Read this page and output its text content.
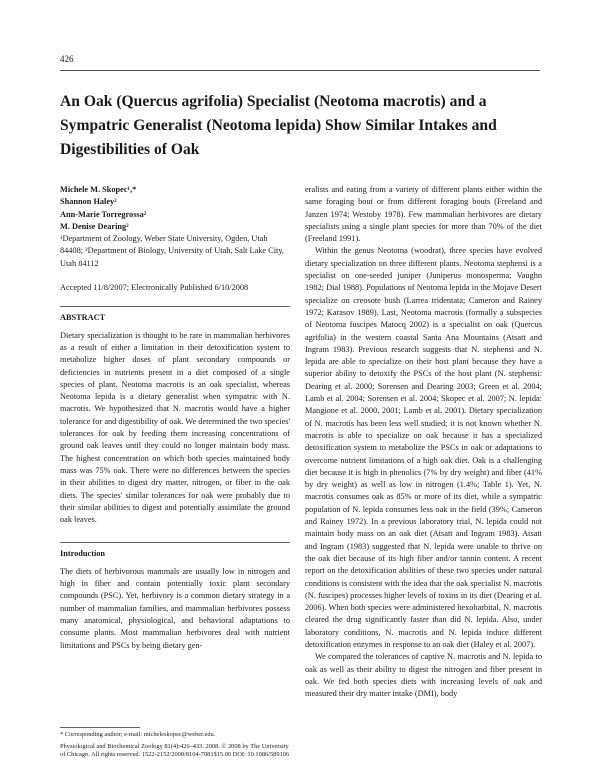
426
An Oak (Quercus agrifolia) Specialist (Neotoma macrotis) and a Sympatric Generalist (Neotoma lepida) Show Similar Intakes and Digestibilities of Oak
Michele M. Skopec¹,*
Shannon Haley²
Ann-Marie Torregrossa²
M. Denise Dearing²

¹Department of Zoology, Weber State University, Ogden, Utah 84408; ²Department of Biology, University of Utah, Salt Lake City, Utah 84112

Accepted 11/8/2007; Electronically Published 6/10/2008

ABSTRACT

Dietary specialization is thought to be rare in mammalian herbivores as a result of either a limitation in their detoxification system to metabolize higher doses of plant secondary compounds or deficiencies in nutrients present in a diet composed of a single species of plant. Neotoma macrotis is an oak specialist, whereas Neotoma lepida is a dietary generalist when sympatric with N. macrotis. We hypothesized that N. macrotis would have a higher tolerance for and digestibility of oak. We determined the two species' tolerances for oak by feeding them increasing concentrations of ground oak leaves until they could no longer maintain body mass. The highest concentration on which both species maintained body mass was 75% oak. There were no differences between the species in their abilities to digest dry matter, nitrogen, or fiber in the oak diets. The species' similar tolerances for oak were probably due to their similar abilities to digest and potentially assimilate the ground oak leaves.

Introduction

The diets of herbivorous mammals are usually low in nitrogen and high in fiber and contain potentially toxic plant secondary compounds (PSC). Yet, herbivory is a common dietary strategy in a number of mammalian families, and mammalian herbivores possess many anatomical, physiological, and behavioral adaptations to consume plants. Most mammalian herbivores deal with nutrient limitations and PSCs by being dietary gen-

eralists and eating from a variety of different plants either within the same foraging bout or from different foraging bouts (Freeland and Janzen 1974; Westoby 1978). Few mammalian herbivores are dietary specialists using a single plant species for more than 70% of the diet (Freeland 1991).

Within the genus Neotoma (woodrat), three species have evolved dietary specialization on three different plants. Neotoma stephensi is a specialist on one-seeded juniper (Juniperus monosperma; Vaughn 1982; Dial 1988). Populations of Neotoma lepida in the Mojave Desert specialize on creosote bush (Larrea tridentata; Cameron and Rainey 1972; Karasov 1989). Last, Neotoma macrotis (formally a subspecies of Neotoma fuscipes Matocq 2002) is a specialist on oak (Quercus agrifolia) in the western coastal Santa Ana Mountains (Atsatt and Ingram 1983). Previous research suggests that N. stephensi and N. lepida are able to specialize on their host plant because they have a superior ability to detoxify the PSCs of the host plant (N. stephensi: Dearing et al. 2000; Sorensen and Dearing 2003; Green et al. 2004; Lamb et al. 2004; Sorensen et al. 2004; Skopec et al. 2007; N. lepida: Mangione et al. 2000, 2001; Lamb et al. 2001). Dietary specialization of N. macrotis has been less well studied; it is not known whether N. macrotis is able to specialize on oak because it has a specialized detoxification system to metabolize the PSCs in oak or adaptations to overcome nutrient limitations of a high oak diet. Oak is a challenging diet because it is high in phenolics (7% by dry weight) and fiber (41% by dry weight) as well as low in nitrogen (1.4%; Table 1). Yet, N. macrotis consumes oak as 85% or more of its diet, while a sympatric population of N. lepida consumes less oak in the field (39%; Cameron and Rainey 1972). In a previous laboratory trial, N. lepida could not maintain body mass on an oak diet (Atsatt and Ingram 1983). Atsatt and Ingram (1983) suggested that N. lepida were unable to thrive on the oak diet because of its high fiber and/or tannin content. A recent report on the detoxification abilities of these two species under natural conditions is consistent with the idea that the oak specialist N. macrotis (N. fuscipes) processes higher levels of toxins in its diet (Dearing et al. 2006). When both species were administered hexobarbital, N. macrotis cleared the drug significantly faster than did N. lepida. Also, under laboratory conditions, N. macrotis and N. lepida induce different detoxification enzymes in response to an oak diet (Haley et al. 2007).

We compared the tolerances of captive N. macrotis and N. lepida to oak as well as their ability to digest the nitrogen and fiber present in oak. We fed both species diets with increasing levels of oak and measured their dry matter intake (DMI), body

* Corresponding author; e-mail: micheleskopec@weber.edu.

Physiological and Biochemical Zoology 81(4):426–433. 2008. © 2008 by The University of Chicago. All rights reserved. 1522-2152/2008/8104-7081$15.00 DOI: 10.1086/589106
